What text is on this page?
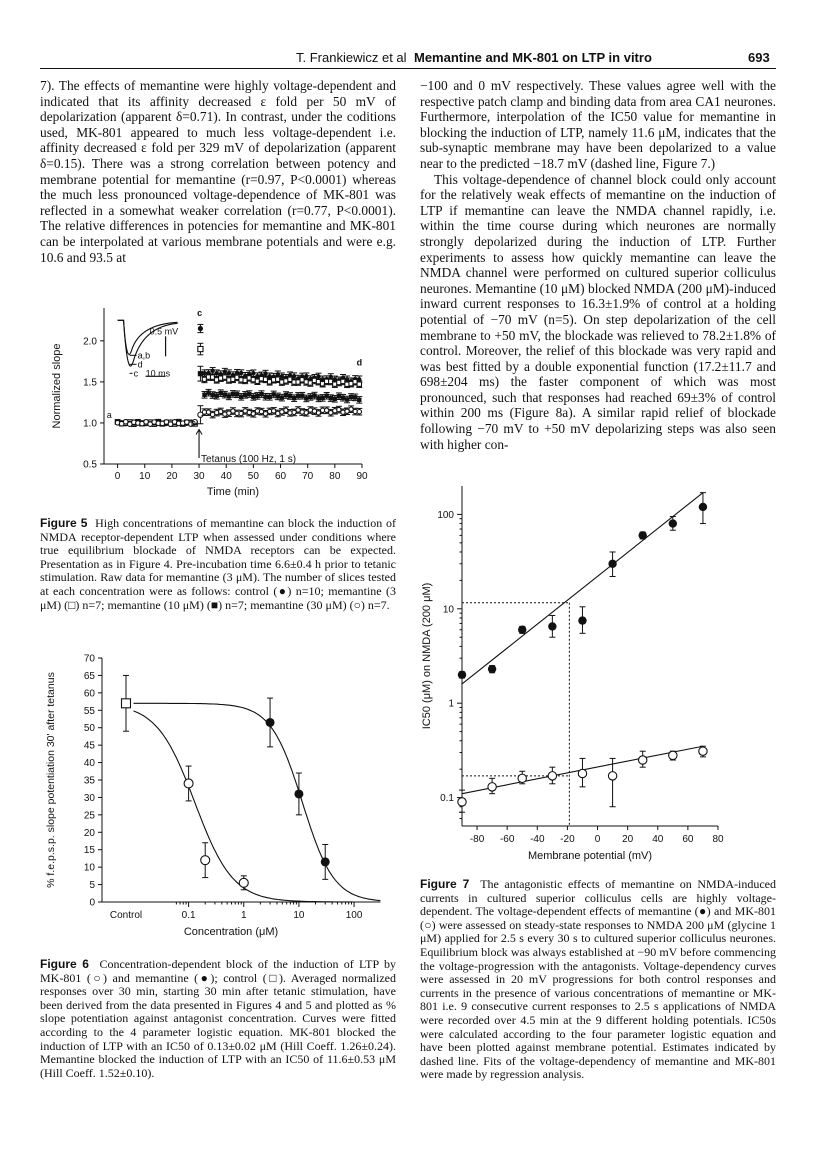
T. Frankiewicz et al Memantine and MK-801 on LTP in vitro	693
7). The effects of memantine were highly voltage-dependent and indicated that its affinity decreased ε fold per 50 mV of depolarization (apparent δ=0.71). In contrast, under the coditions used, MK-801 appeared to much less voltage-dependent i.e. affinity decreased ε fold per 329 mV of depolarization (apparent δ=0.15). There was a strong correlation between potency and membrane potential for memantine (r=0.97, P<0.0001) whereas the much less pronounced voltage-dependence of MK-801 was reflected in a somewhat weaker correlation (r=0.77, P<0.0001). The relative differences in potencies for memantine and MK-801 can be interpolated at various membrane potentials and were e.g. 10.6 and 93.5 at
−100 and 0 mV respectively. These values agree well with the respective patch clamp and binding data from area CA1 neurones. Furthermore, interpolation of the IC50 value for memantine in blocking the induction of LTP, namely 11.6 μM, indicates that the sub-synaptic membrane may have been depolarized to a value near to the predicted −18.7 mV (dashed line, Figure 7.)
This voltage-dependence of channel block could only account for the relatively weak effects of memantine on the induction of LTP if memantine can leave the NMDA channel rapidly, i.e. within the time course during which neurones are normally strongly depolarized during the induction of LTP. Further experiments to assess how quickly memantine can leave the NMDA channel were performed on cultured superior colliculus neurones. Memantine (10 μM) blocked NMDA (200 μM)-induced inward current responses to 16.3±1.9% of control at a holding potential of −70 mV (n=5). On step depolarization of the cell membrane to +50 mV, the blockade was relieved to 78.2±1.8% of control. Moreover, the relief of this blockade was very rapid and was best fitted by a double exponential function (17.2±11.7 and 698±204 ms) the faster component of which was most pronounced, such that responses had reached 69±3% of control within 200 ms (Figure 8a). A similar rapid relief of blockade following −70 mV to +50 mV depolarizing steps was also seen with higher con-
0 10 20 30 40 50 60 70 80 90
0.5
1.0
1.5
2.0
Time (min)
Normalized slope
Tetanus (100 Hz, 1 s)
a
b
c
d
a,b
d
c
0.5 mV
10 ms
Figure 5 High concentrations of memantine can block the induction of NMDA receptor-dependent LTP when assessed under conditions where true equilibrium blockade of NMDA receptors can be expected. Presentation as in Figure 4. Pre-incubation time 6.6±0.4 h prior to tetanic stimulation. Raw data for memantine (3 μM). The number of slices tested at each concentration were as follows: control (●) n=10; memantine (3 μM) (□) n=7; memantine (10 μM) (■) n=7; memantine (30 μM) (○) n=7.
0
5
10
15
20
25
30
35
40
45
50
55
60
65
70
Control	0.1	1	10	100
Concentration (μM)
% f.e.p.s.p. slope potentiation 30' after tetanus
Figure 6 Concentration-dependent block of the induction of LTP by MK-801 (○) and memantine (●); control (□). Averaged normalized responses over 30 min, starting 30 min after tetanic stimulation, have been derived from the data presented in Figures 4 and 5 and plotted as % slope potentiation against antagonist concentration. Curves were fitted according to the 4 parameter logistic equation. MK-801 blocked the induction of LTP with an IC50 of 0.13±0.02 μM (Hill Coeff. 1.26±0.24). Memantine blocked the induction of LTP with an IC50 of 11.6±0.53 μM (Hill Coeff. 1.52±0.10).
-80 -60 -40 -20 0 20 40 60 80
0.1
1
10
100
Membrane potential (mV)
IC50 (μM) on NMDA (200 μM)
Figure 7 The antagonistic effects of memantine on NMDA-induced currents in cultured superior colliculus cells are highly voltage-dependent. The voltage-dependent effects of memantine (●) and MK-801 (○) were assessed on steady-state responses to NMDA 200 μM (glycine 1 μM) applied for 2.5 s every 30 s to cultured superior colliculus neurones. Equilibrium block was always established at −90 mV before commencing the voltage-progression with the antagonists. Voltage-dependency curves were assessed in 20 mV progressions for both control responses and currents in the presence of various concentrations of memantine or MK-801 i.e. 9 consecutive current responses to 2.5 s applications of NMDA were recorded over 4.5 min at the 9 different holding potentials. IC50s were calculated according to the four parameter logistic equation and have been plotted against membrane potential. Estimates indicated by dashed line. Fits of the voltage-dependency of memantine and MK-801 were made by regression analysis.
